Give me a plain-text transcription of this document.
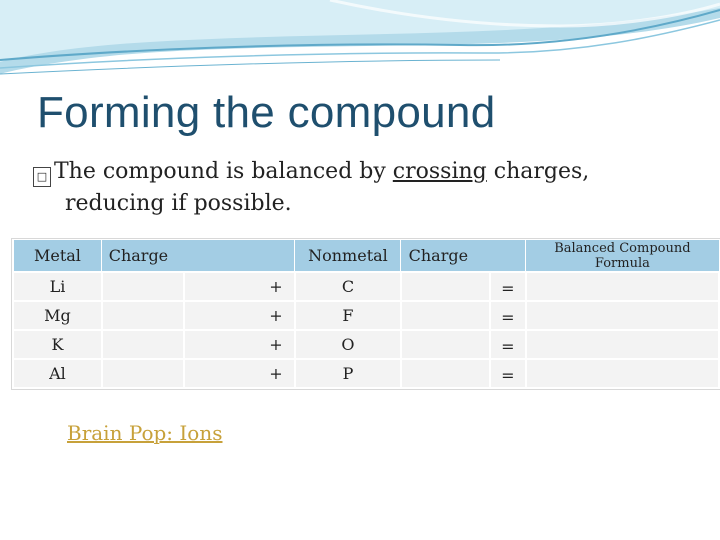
Forming the compound
□ The compound is balanced by crossing charges,
reducing if possible.
Metal	Charge		Nonmetal	Charge		Balanced Compound Formula
Li		+	C		=	
Mg		+	F		=	
K		+	O		=	
Al		+	P		=	
Brain Pop: Ions
